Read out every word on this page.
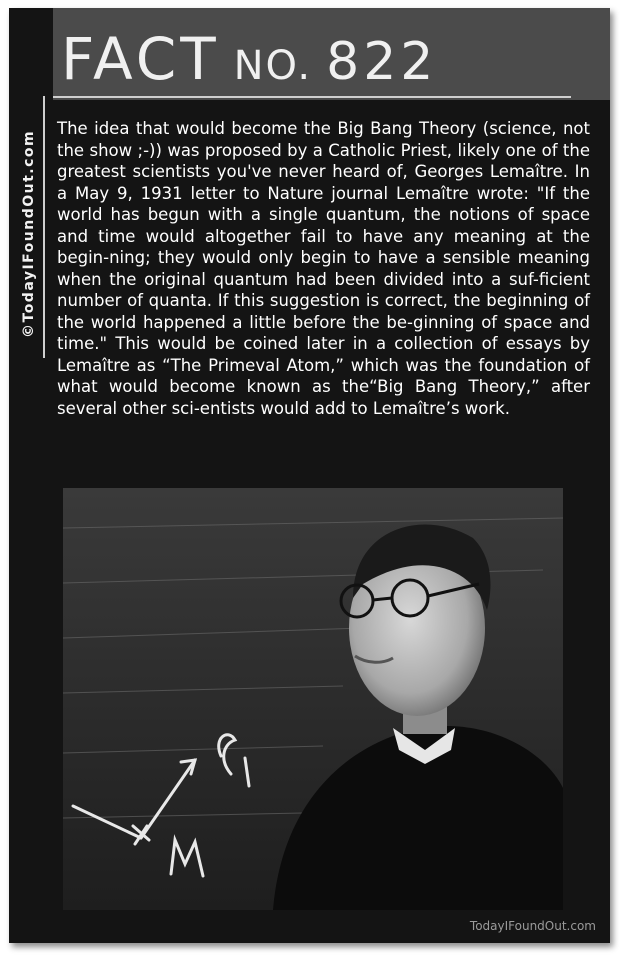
©TodayIFoundOut.com
FACT NO. 822

The idea that would become the Big Bang Theory (science, not the show ;-)) was proposed by a Catholic Priest, likely one of the greatest scientists you've never heard of, Georges Lemaître. In a May 9, 1931 letter to Nature journal Lemaître wrote: "If the world has begun with a single quantum, the notions of space and time would altogether fail to have any meaning at the begin-ning; they would only begin to have a sensible meaning when the original quantum had been divided into a suf-ficient number of quanta. If this suggestion is correct, the beginning of the world happened a little before the be-ginning of space and time." This would be coined later in a collection of essays by Lemaître as “The Primeval Atom,” which was the foundation of what would become known as the“Big Bang Theory,” after several other sci-entists would add to Lemaître’s work.

TodayIFoundOut.com
